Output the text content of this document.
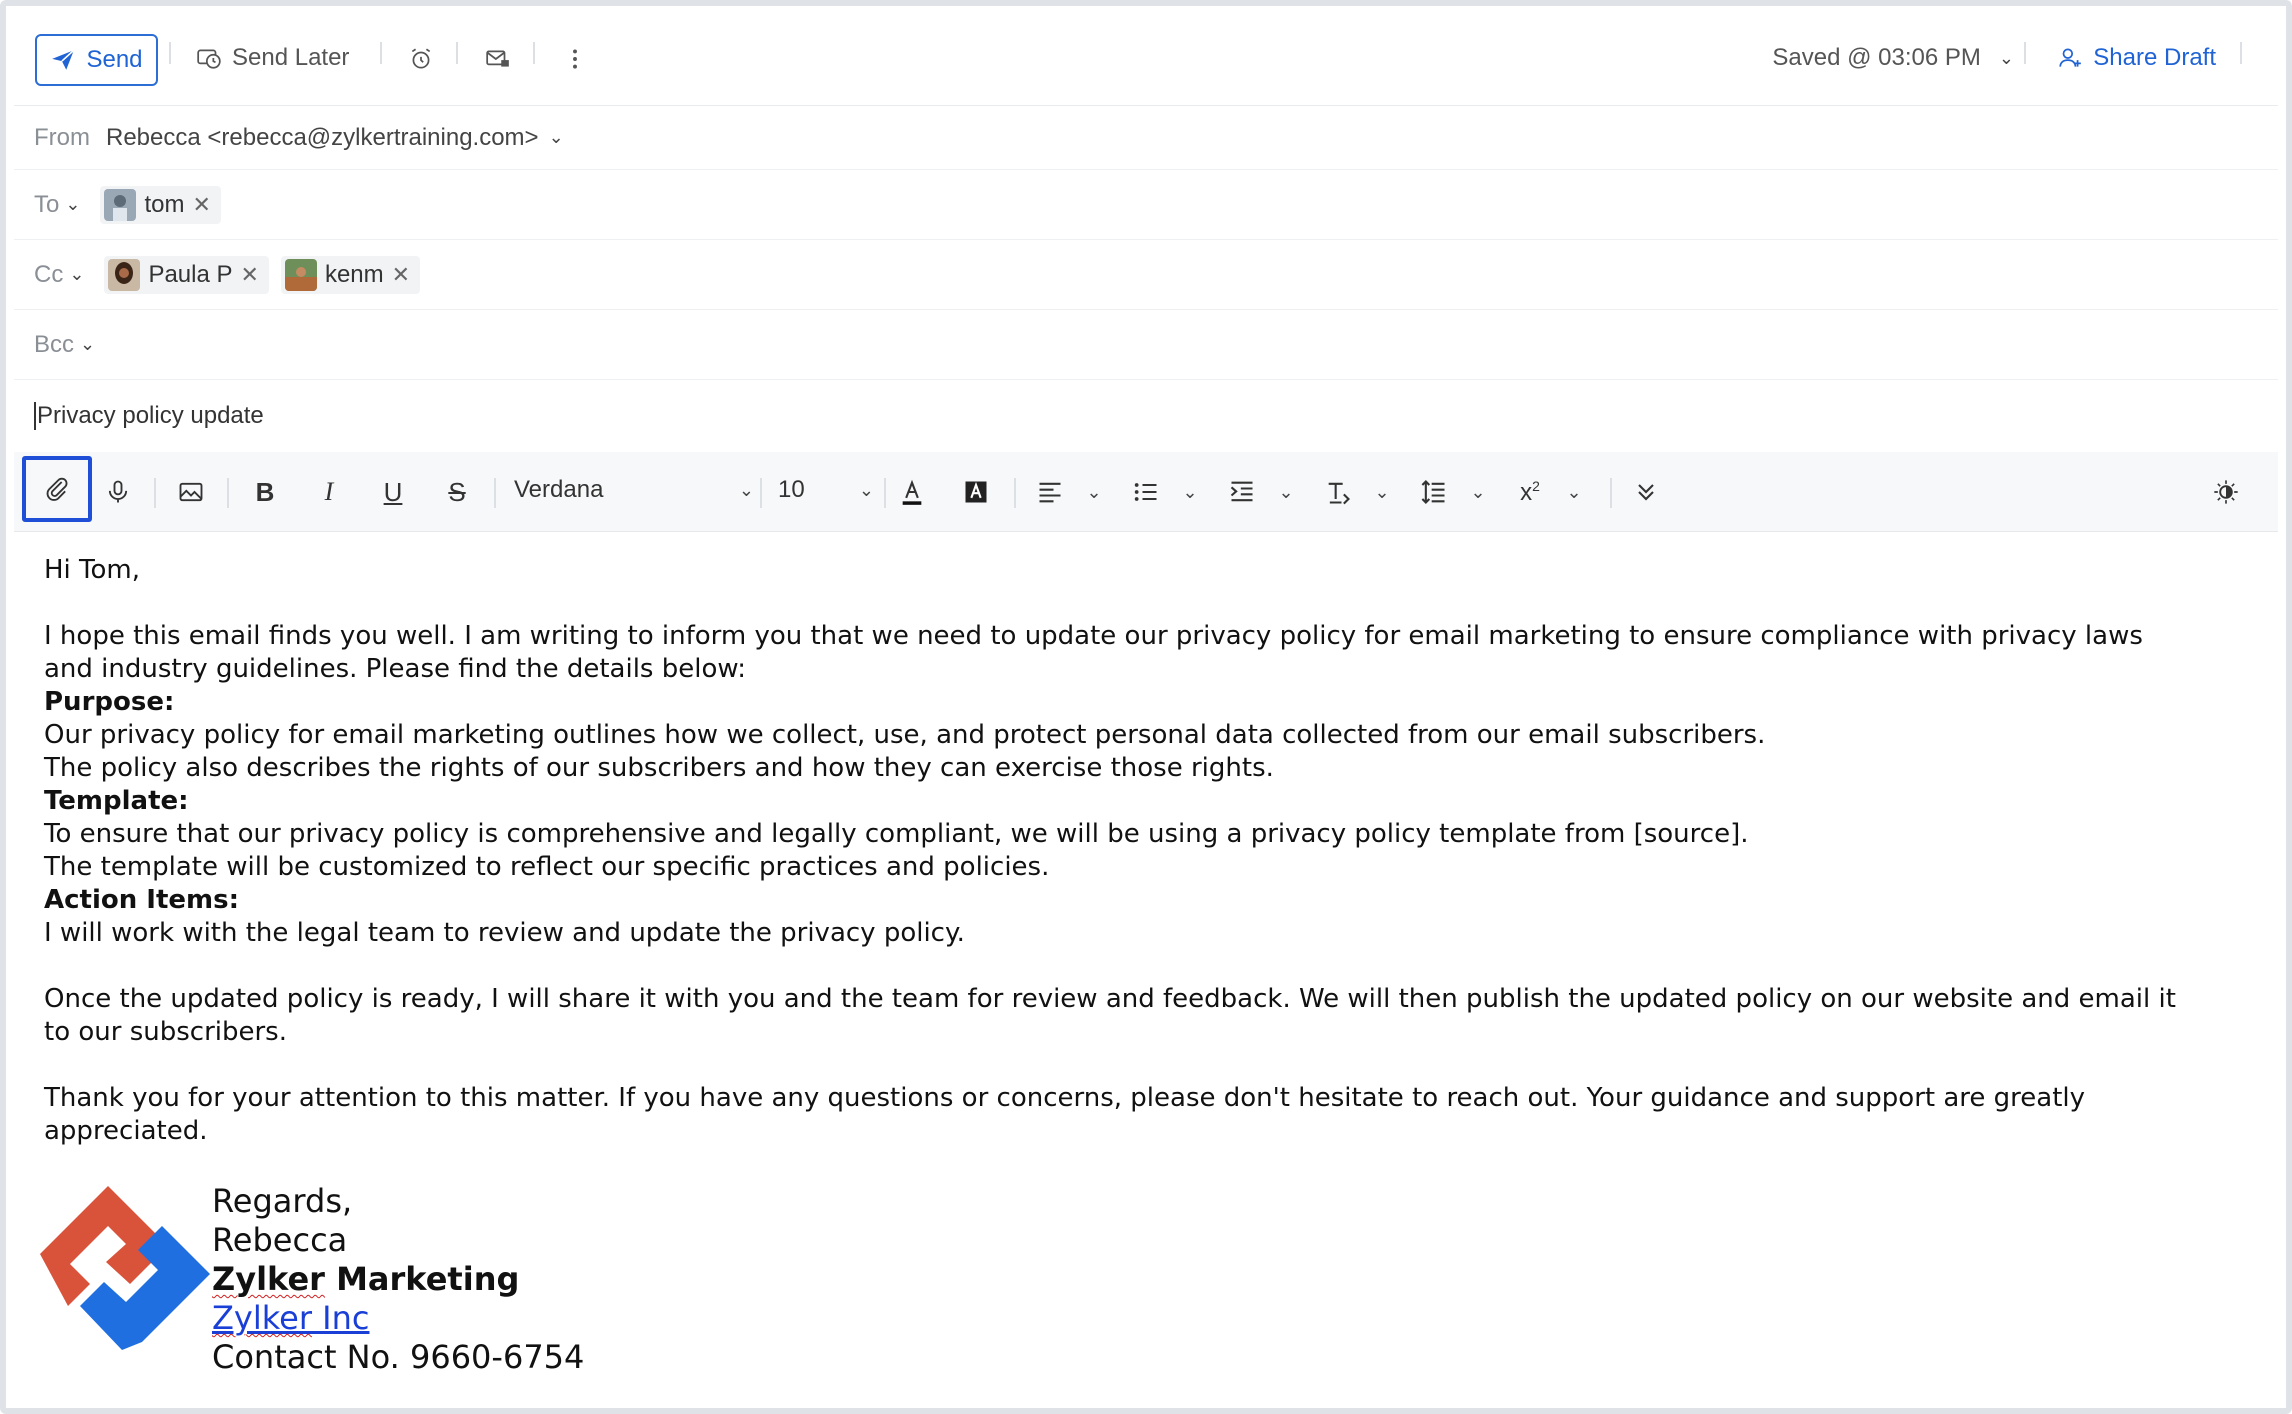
Send	Send Later	Saved @ 03:06 PM ⌄	Share Draft
From Rebecca <rebecca@zylkertraining.com> ⌄
To ⌄	tom ✕
Cc ⌄	Paula P ✕	kenm ✕
Bcc ⌄
Privacy policy update
B I U S Verdana	⌄ 10	⌄	⌄	⌄	⌄	⌄	⌄ $x^2$ ⌄

Hi Tom,

I hope this email finds you well. I am writing to inform you that we need to update our privacy policy for email marketing to ensure compliance with privacy laws

and industry guidelines. Please find the details below:

Purpose:

Our privacy policy for email marketing outlines how we collect, use, and protect personal data collected from our email subscribers.

The policy also describes the rights of our subscribers and how they can exercise those rights.

Template:

To ensure that our privacy policy is comprehensive and legally compliant, we will be using a privacy policy template from [source].

The template will be customized to reflect our specific practices and policies.

Action Items:

I will work with the legal team to review and update the privacy policy.

Once the updated policy is ready, I will share it with you and the team for review and feedback. We will then publish the updated policy on our website and email it

to our subscribers.

Thank you for your attention to this matter. If you have any questions or concerns, please don't hesitate to reach out. Your guidance and support are greatly

appreciated.

Regards,
Rebecca
Zylker Marketing
Zylker Inc
Contact No. 9660-6754
